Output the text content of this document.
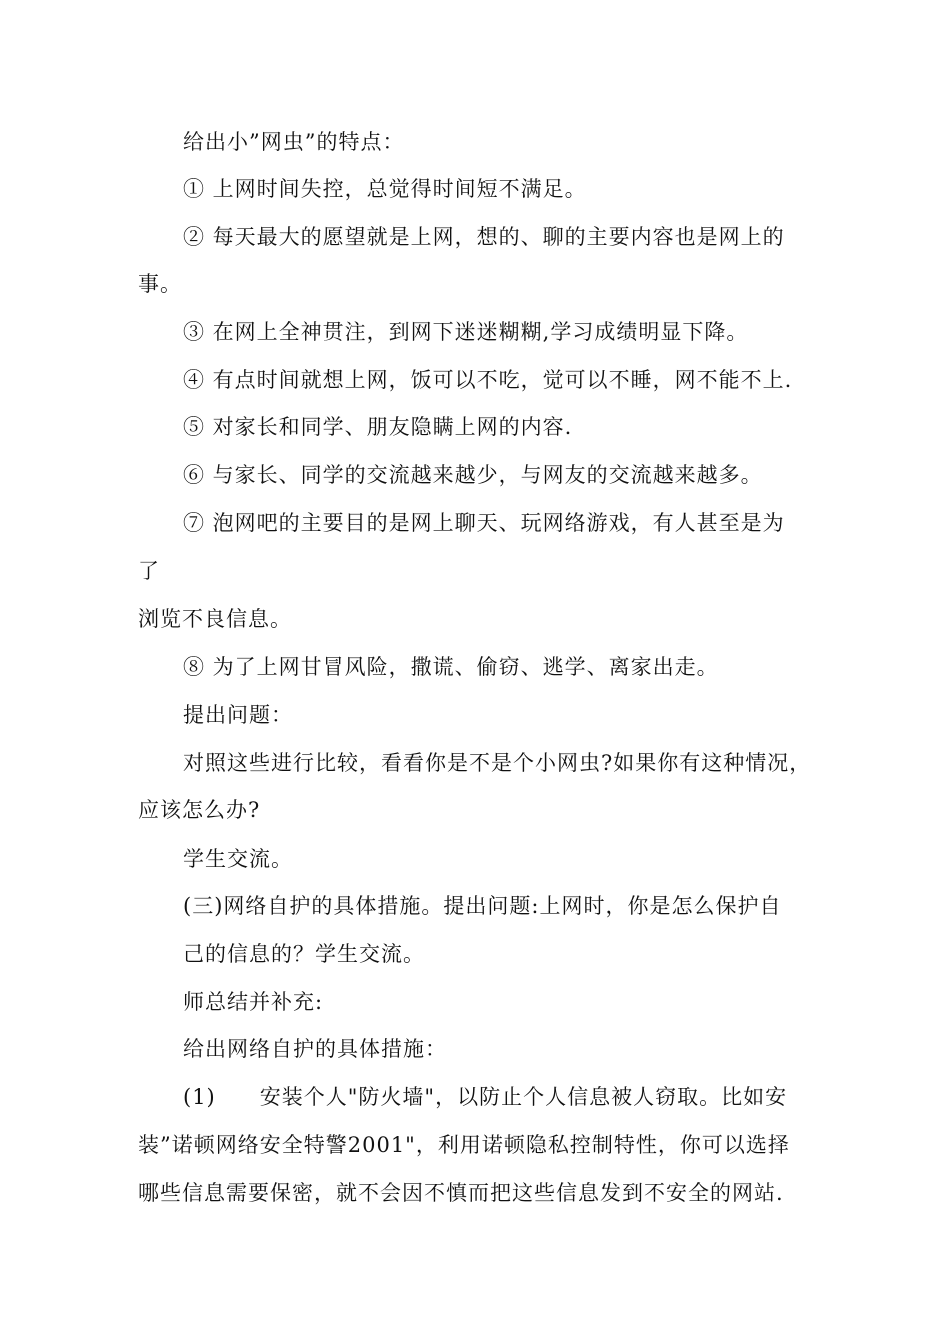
给出小”网虫”的特点：
① 上网时间失控，总觉得时间短不满足。
② 每天最大的愿望就是上网，想的、聊的主要内容也是网上的
事。
③ 在网上全神贯注，到网下迷迷糊糊,学习成绩明显下降。
④ 有点时间就想上网，饭可以不吃，觉可以不睡，网不能不上.
⑤ 对家长和同学、朋友隐瞒上网的内容.
⑥ 与家长、同学的交流越来越少，与网友的交流越来越多。
⑦ 泡网吧的主要目的是网上聊天、玩网络游戏，有人甚至是为
了
浏览不良信息。
⑧ 为了上网甘冒风险，撒谎、偷窃、逃学、离家出走。
提出问题：
对照这些进行比较，看看你是不是个小网虫?如果你有这种情况，
应该怎么办?
学生交流。
(三)网络自护的具体措施。提出问题:上网时，你是怎么保护自
己的信息的？学生交流。
师总结并补充:
给出网络自护的具体措施：
(1)　　安装个人"防火墙"，以防止个人信息被人窃取。比如安
装”诺顿网络安全特警2001"，利用诺顿隐私控制特性，你可以选择
哪些信息需要保密，就不会因不慎而把这些信息发到不安全的网站.
